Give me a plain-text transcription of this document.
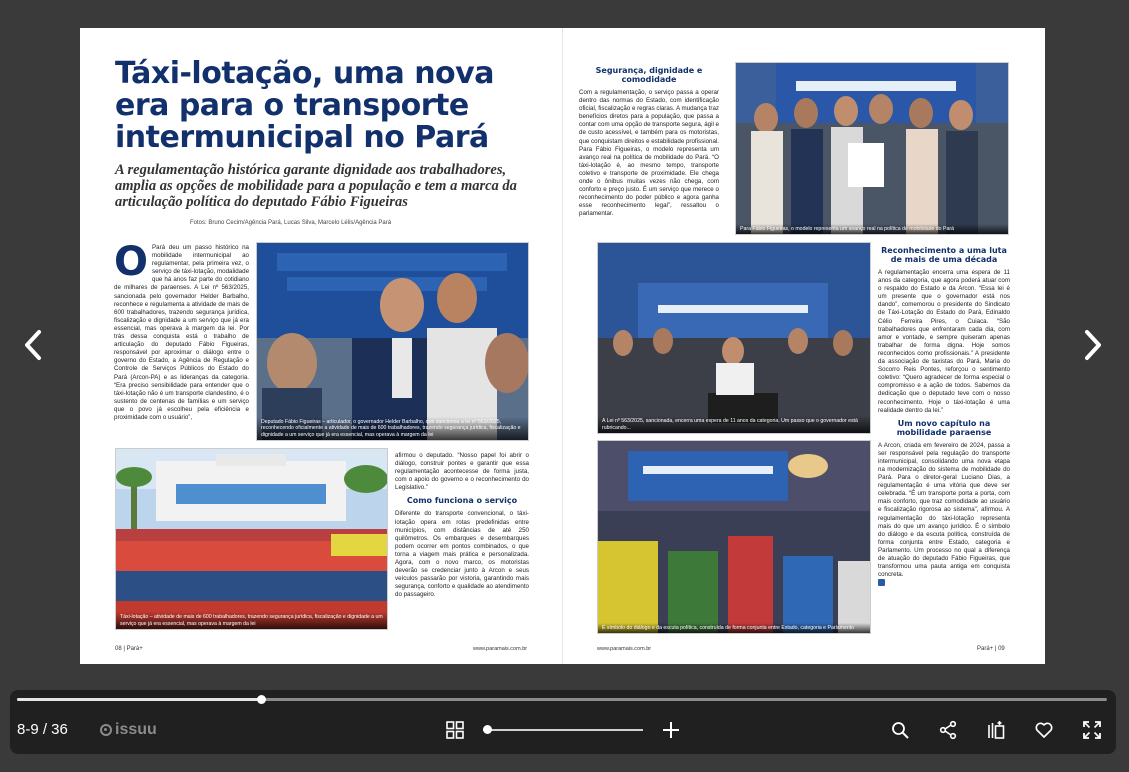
Táxi-lotação, uma nova era para o transporte intermunicipal no Pará

A regulamentação histórica garante dignidade aos trabalhadores, amplia as opções de mobilidade para a população e tem a marca da articulação política do deputado Fábio Figueiras

Fotos: Bruno Cecim/Agência Pará, Lucas Silva, Marcelo Lélis/Agência Pará
O Pará deu um passo histórico na mobilidade intermunicipal ao regulamentar, pela primeira vez, o serviço de táxi-lotação, modalidade que há anos faz parte do cotidiano de milhares de paraenses. A Lei nº 563/2025, sancionada pelo governador Helder Barbalho, reconhece e regulamenta a atividade de mais de 600 trabalhadores, trazendo segurança jurídica, fiscalização e dignidade a um serviço que já era essencial, mas operava à margem da lei. Por trás dessa conquista está o trabalho de articulação do deputado Fábio Figueiras, responsável por aproximar o diálogo entre o governo do Estado, a Agência de Regulação e Controle de Serviços Públicos do Estado do Pará (Arcon-PA) e as lideranças da categoria. “Era preciso sensibilidade para entender que o táxi-lotação não é um transporte clandestino, é o sustento de centenas de famílias e um serviço que o povo já escolheu pela eficiência e proximidade com o usuário”,
Deputado Fábio Figueiras – articulador, o governador Helder Barbalho, que sancionou a lei nº 563/2025, reconhecendo oficialmente a atividade de mais de 600 trabalhadores, trazendo segurança jurídica, fiscalização e dignidade a um serviço que já era essencial, mas operava à margem da lei
Táxi-lotação – atividade de mais de 600 trabalhadores, trazendo segurança jurídica, fiscalização e dignidade a um serviço que já era essencial, mas operava à margem da lei
afirmou o deputado. “Nosso papel foi abrir o diálogo, construir pontes e garantir que essa regulamentação acontecesse de forma justa, com o apoio do governo e o reconhecimento do Legislativo.”
Como funciona o serviço
Diferente do transporte convencional, o táxi-lotação opera em rotas predefinidas entre municípios, com distâncias de até 250 quilômetros. Os embarques e desembarques podem ocorrer em pontos combinados, o que torna a viagem mais prática e personalizada. Agora, com o novo marco, os motoristas deverão se credenciar junto à Arcon e seus veículos passarão por vistoria, garantindo mais segurança, conforto e qualidade ao atendimento do passageiro.
08 | Pará+	www.paramais.com.br
Segurança, dignidade e comodidade
Com a regulamentação, o serviço passa a operar dentro das normas do Estado, com identificação oficial, fiscalização e regras claras. A mudança traz benefícios diretos para a população, que passa a contar com uma opção de transporte segura, ágil e de custo acessível, e também para os motoristas, que conquistam direitos e estabilidade profissional. Para Fábio Figueiras, o modelo representa um avanço real na política de mobilidade do Pará. “O táxi-lotação é, ao mesmo tempo, transporte coletivo e transporte de proximidade. Ele chega onde o ônibus muitas vezes não chega, com conforto e preço justo. É um serviço que merece o reconhecimento do poder público e agora ganha esse reconhecimento legal”, ressaltou o parlamentar.
Para Fábio Figueiras, o modelo representa um avanço real na política de mobilidade do Pará
A Lei nº 563/2025, sancionada, encerra uma espera de 11 anos da categoria. Um passo que o governador está rubricando...
É símbolo do diálogo e da escuta política, construída de forma conjunta entre Estado, categoria e Parlamento
Reconhecimento a uma luta de mais de uma década
A regulamentação encerra uma espera de 11 anos da categoria, que agora poderá atuar com o respaldo do Estado e da Arcon. “Essa lei é um presente que o governador está nos dando”, comemorou o presidente do Sindicato de Táxi-Lotação do Estado do Pará, Edinaldo Célio Ferreira Pires, o Cuiaca. “São trabalhadores que enfrentaram cada dia, com amor e vontade, e sempre quiseram apenas trabalhar de forma digna. Hoje somos reconhecidos como profissionais.” A presidente da associação de taxistas do Pará, Maria do Socorro Reis Pontes, reforçou o sentimento coletivo: “Quero agradecer de forma especial o compromisso e a ação de todos. Sabemos da dedicação que o deputado teve com o nosso reconhecimento. Hoje o táxi-lotação é uma realidade dentro da lei.”
Um novo capítulo na mobilidade paraense
A Arcon, criada em fevereiro de 2024, passa a ser responsável pela regulação do transporte intermunicipal, consolidando uma nova etapa na modernização do sistema de mobilidade do Pará. Para o diretor-geral Luciano Dias, a regulamentação é uma vitória que deve ser celebrada. “É um transporte porta a porta, com mais conforto, que traz comodidade ao usuário e fiscalização rigorosa ao sistema”, afirmou. A regulamentação do táxi-lotação representa mais do que um avanço jurídico. É o símbolo do diálogo e da escuta política, construída de forma conjunta entre Estado, categoria e Parlamento. Um processo no qual a diferença de atuação do deputado Fábio Figueiras, que transformou uma pauta antiga em conquista concreta.
www.paramais.com.br	Pará+ | 09
8-9 / 36	issuu
